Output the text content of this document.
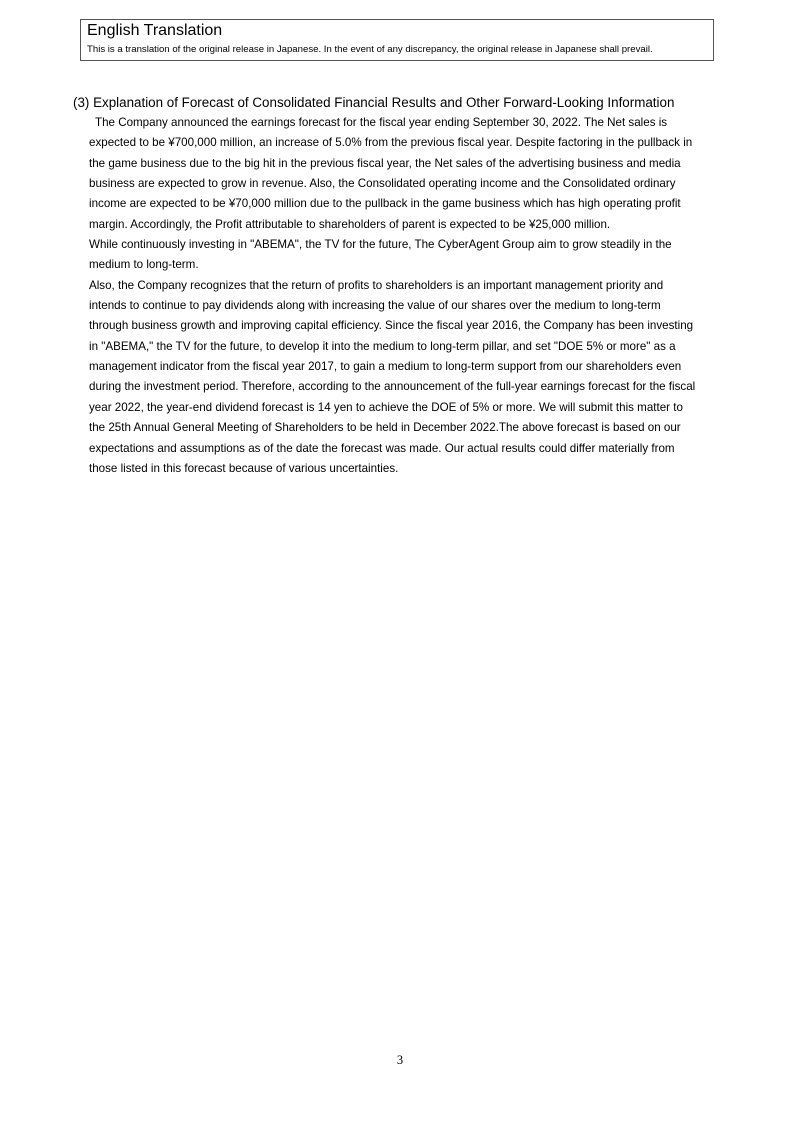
English Translation
This is a translation of the original release in Japanese. In the event of any discrepancy, the original release in Japanese shall prevail.
(3) Explanation of Forecast of Consolidated Financial Results and Other Forward-Looking Information
The Company announced the earnings forecast for the fiscal year ending September 30, 2022. The Net sales is
expected to be ¥700,000 million, an increase of 5.0% from the previous fiscal year. Despite factoring in the pullback in
the game business due to the big hit in the previous fiscal year, the Net sales of the advertising business and media
business are expected to grow in revenue. Also, the Consolidated operating income and the Consolidated ordinary
income are expected to be ¥70,000 million due to the pullback in the game business which has high operating profit
margin. Accordingly, the Profit attributable to shareholders of parent is expected to be ¥25,000 million.
While continuously investing in "ABEMA", the TV for the future, The CyberAgent Group aim to grow steadily in the
medium to long-term.
Also, the Company recognizes that the return of profits to shareholders is an important management priority and
intends to continue to pay dividends along with increasing the value of our shares over the medium to long-term
through business growth and improving capital efficiency. Since the fiscal year 2016, the Company has been investing
in "ABEMA," the TV for the future, to develop it into the medium to long-term pillar, and set "DOE 5% or more" as a
management indicator from the fiscal year 2017, to gain a medium to long-term support from our shareholders even
during the investment period. Therefore, according to the announcement of the full-year earnings forecast for the fiscal
year 2022, the year-end dividend forecast is 14 yen to achieve the DOE of 5% or more. We will submit this matter to
the 25th Annual General Meeting of Shareholders to be held in December 2022.The above forecast is based on our
expectations and assumptions as of the date the forecast was made. Our actual results could differ materially from
those listed in this forecast because of various uncertainties.
3
